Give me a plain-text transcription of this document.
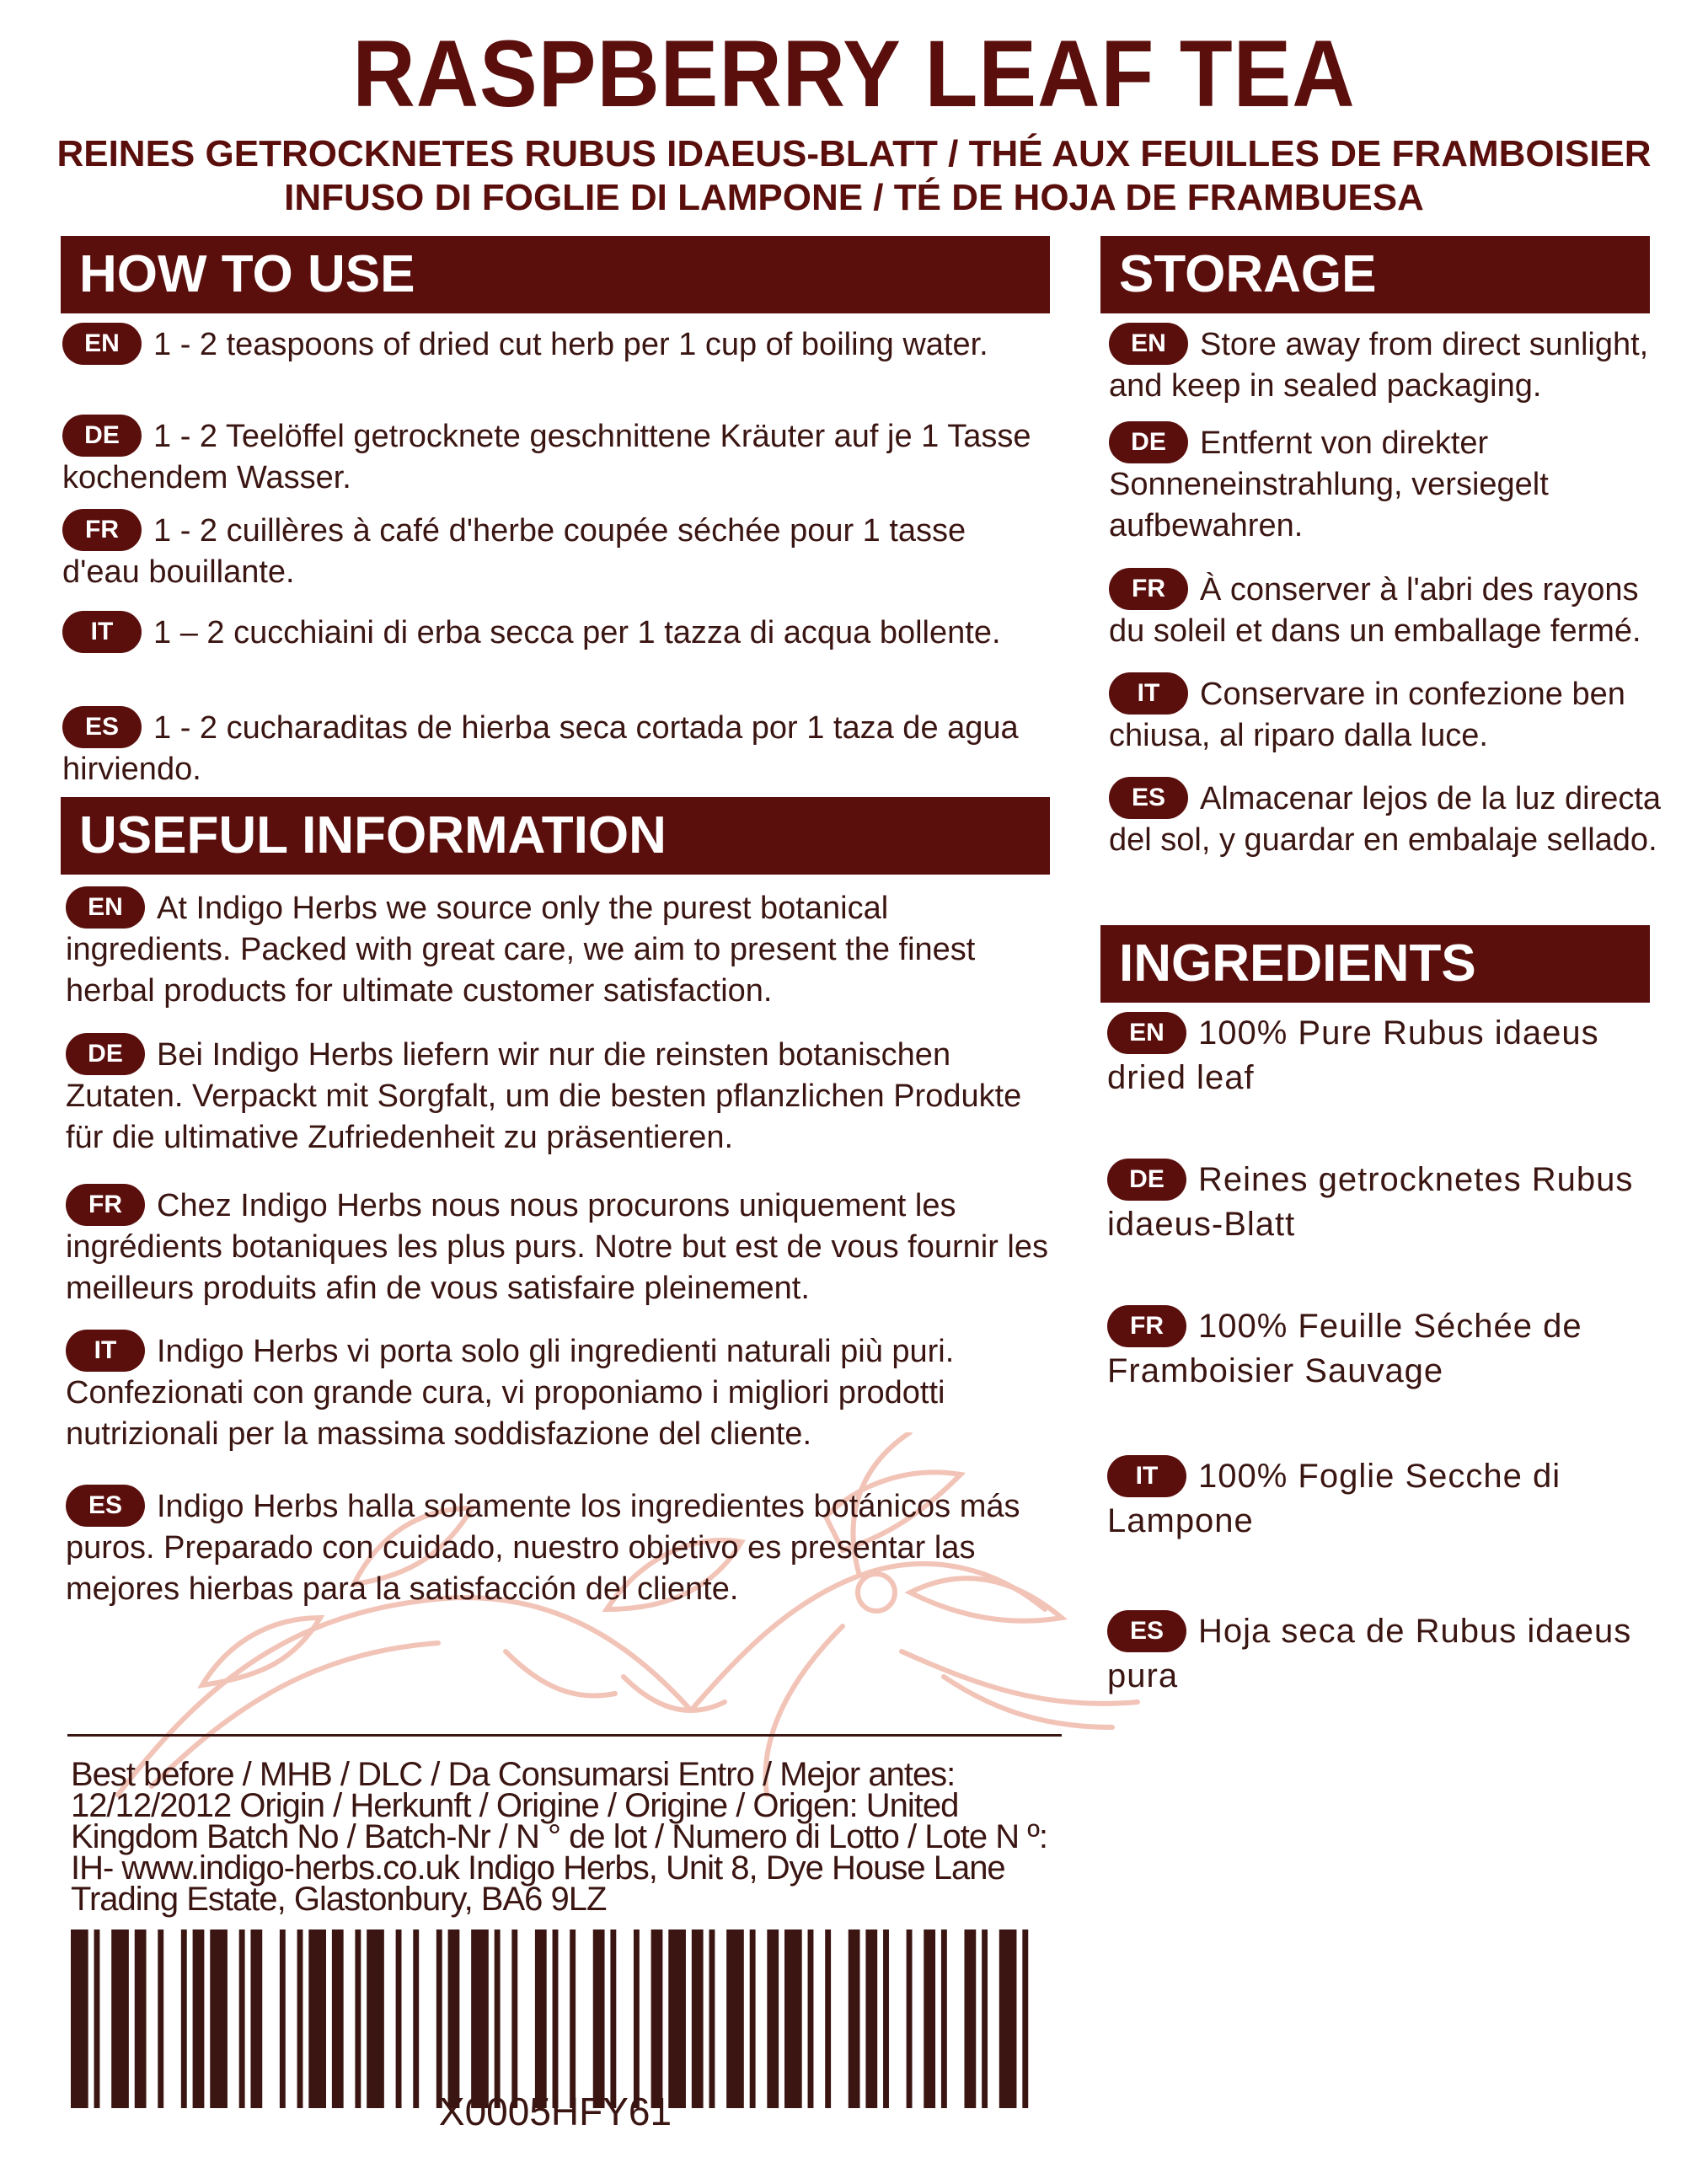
RASPBERRY LEAF TEA
REINES GETROCKNETES RUBUS IDAEUS-BLATT / THÉ AUX FEUILLES DE FRAMBOISIER
INFUSO DI FOGLIE DI LAMPONE / TÉ DE HOJA DE FRAMBUESA
HOW TO USE
EN 1 - 2 teaspoons of dried cut herb per 1 cup of boiling water.
DE 1 - 2 Teelöffel getrocknete geschnittene Kräuter auf je 1 Tasse kochendem Wasser.
FR 1 - 2 cuillères à café d'herbe coupée séchée pour 1 tasse d'eau bouillante.
IT 1 – 2 cucchiaini di erba secca per 1 tazza di acqua bollente.
ES 1 - 2 cucharaditas de hierba seca cortada por 1 taza de agua hirviendo.
USEFUL INFORMATION
EN At Indigo Herbs we source only the purest botanical ingredients. Packed with great care, we aim to present the finest herbal products for ultimate customer satisfaction.
DE Bei Indigo Herbs liefern wir nur die reinsten botanischen Zutaten. Verpackt mit Sorgfalt, um die besten pflanzlichen Produkte für die ultimative Zufriedenheit zu präsentieren.
FR Chez Indigo Herbs nous nous procurons uniquement les ingrédients botaniques les plus purs. Notre but est de vous fournir les meilleurs produits afin de vous satisfaire pleinement.
IT Indigo Herbs vi porta solo gli ingredienti naturali più puri. Confezionati con grande cura, vi proponiamo i migliori prodotti nutrizionali per la massima soddisfazione del cliente.
ES Indigo Herbs halla solamente los ingredientes botánicos más puros. Preparado con cuidado, nuestro objetivo es presentar las mejores hierbas para la satisfacción del cliente.
STORAGE
EN Store away from direct sunlight, and keep in sealed packaging.
DE Entfernt von direkter Sonneneinstrahlung, versiegelt aufbewahren.
FR À conserver à l'abri des rayons du soleil et dans un emballage fermé.
IT Conservare in confezione ben chiusa, al riparo dalla luce.
ES Almacenar lejos de la luz directa del sol, y guardar en embalaje sellado.
INGREDIENTS
EN 100% Pure Rubus idaeus dried leaf
DE Reines getrocknetes Rubus idaeus-Blatt
FR 100% Feuille Séchée de Framboisier Sauvage
IT 100% Foglie Secche di Lampone
ES Hoja seca de Rubus idaeus pura
Best before / MHB / DLC / Da Consumarsi Entro / Mejor antes: 12/12/2012 Origin / Herkunft / Origine / Origine / Origen: United Kingdom Batch No / Batch-Nr / N ° de lot / Numero di Lotto / Lote N º: IH- www.indigo-herbs.co.uk Indigo Herbs, Unit 8, Dye House Lane Trading Estate, Glastonbury, BA6 9LZ
X0005HFY61
